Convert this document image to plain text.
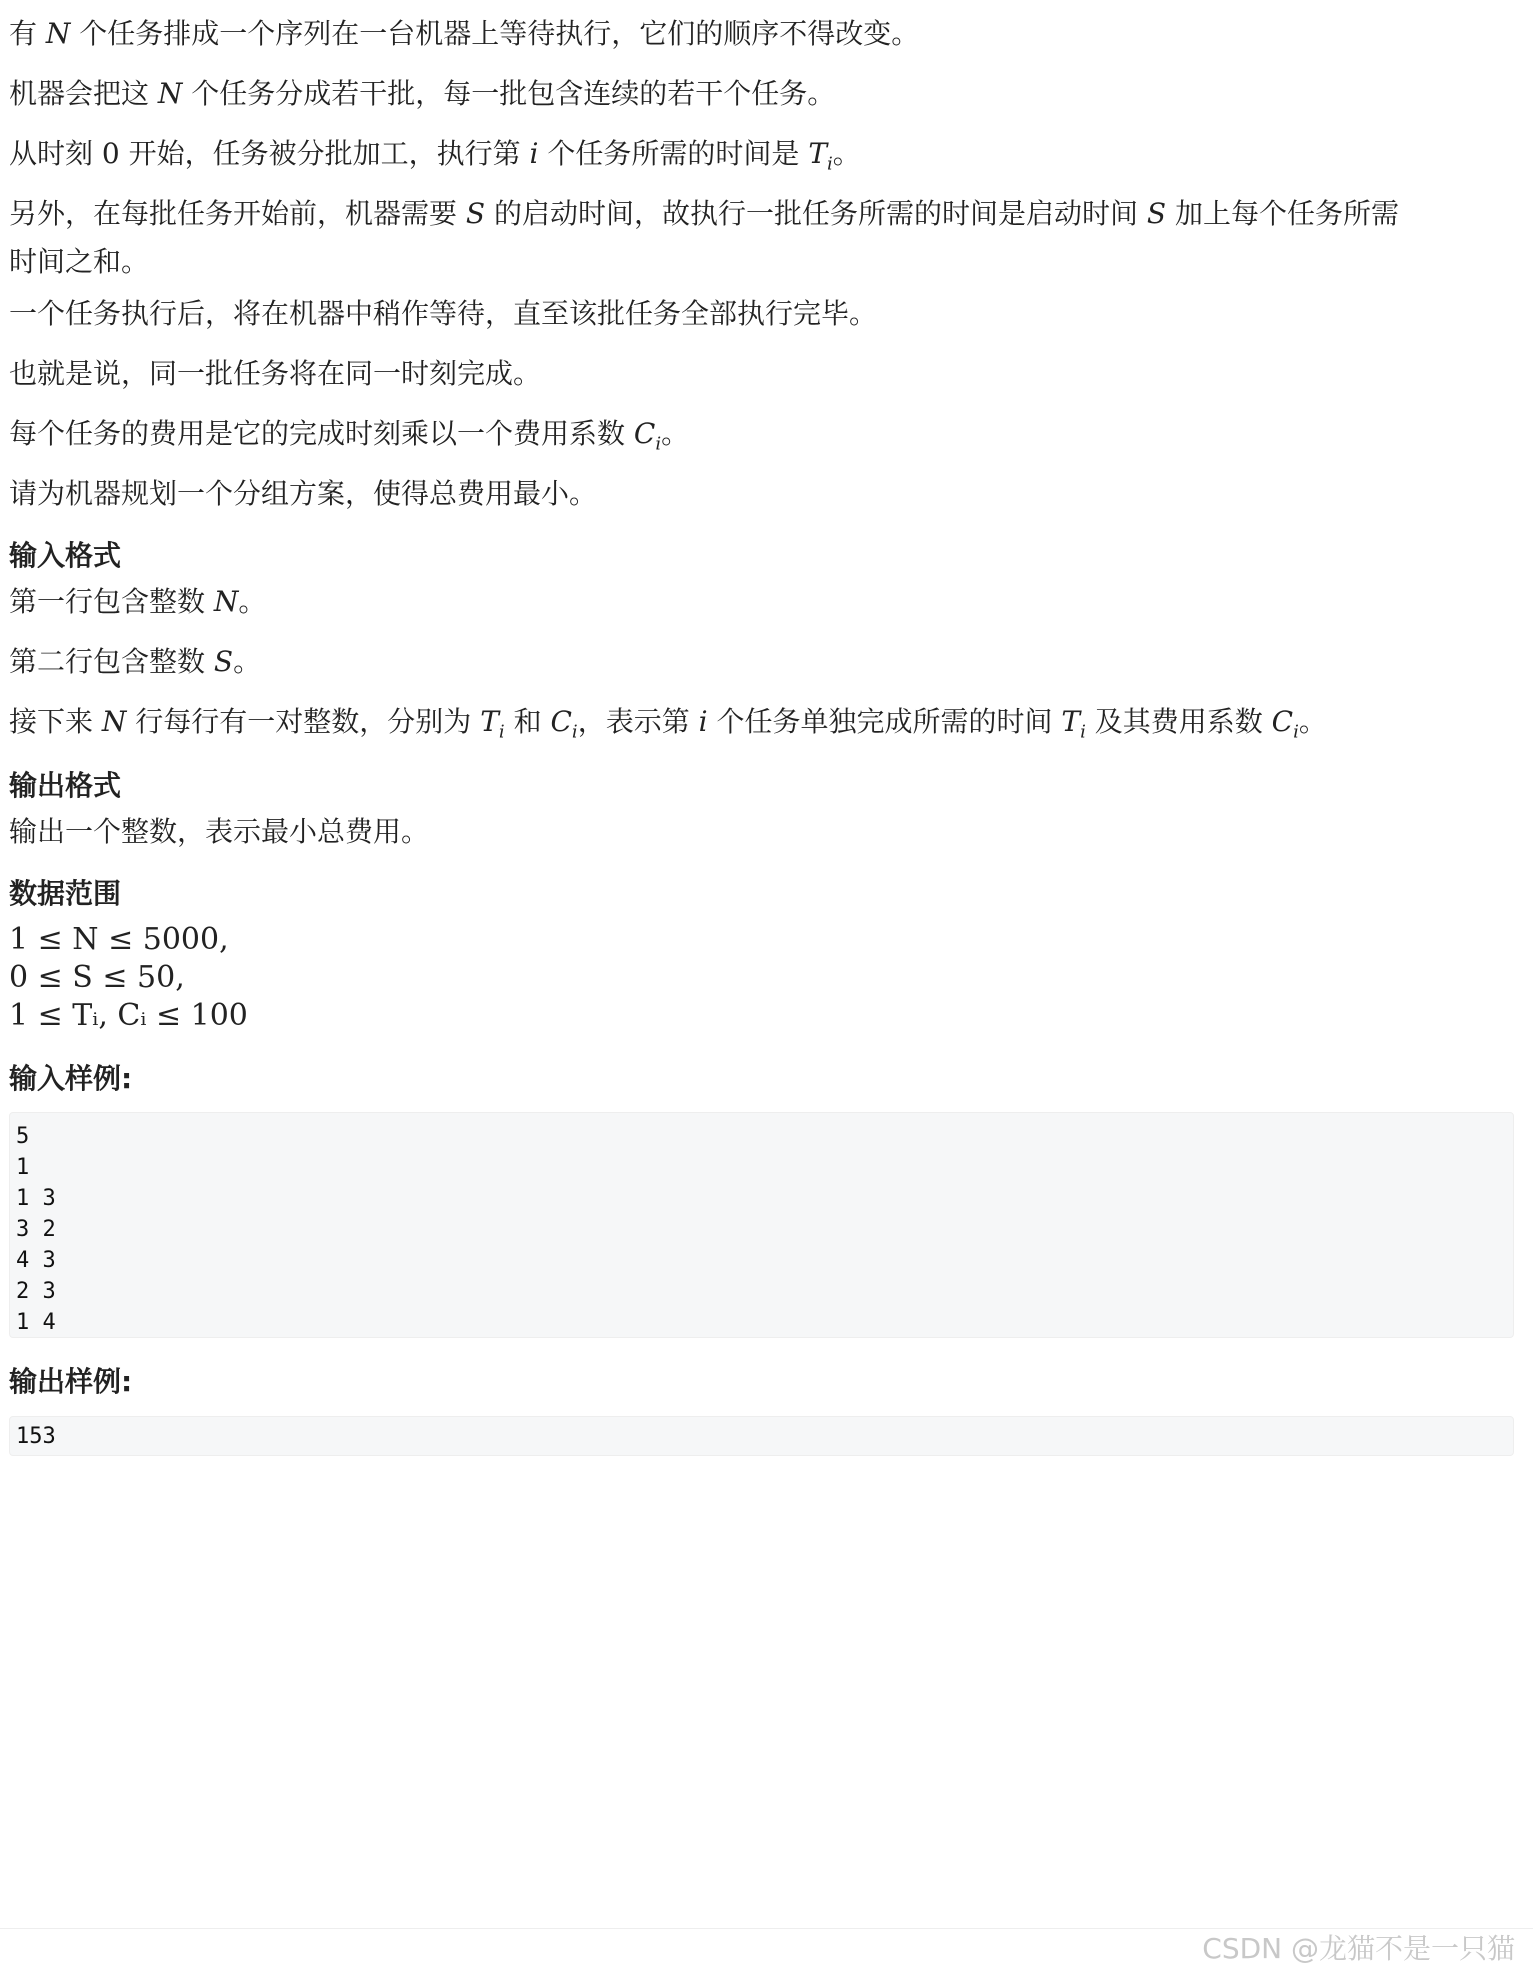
有 N 个任务排成一个序列在一台机器上等待执行，它们的顺序不得改变。

机器会把这 N 个任务分成若干批，每一批包含连续的若干个任务。

从时刻 0 开始，任务被分批加工，执行第 i 个任务所需的时间是 $T_i$。

另外，在每批任务开始前，机器需要 S 的启动时间，故执行一批任务所需的时间是启动时间 S 加上每个任务所需
时间之和。

一个任务执行后，将在机器中稍作等待，直至该批任务全部执行完毕。

也就是说，同一批任务将在同一时刻完成。

每个任务的费用是它的完成时刻乘以一个费用系数 $C_i$。

请为机器规划一个分组方案，使得总费用最小。

输入格式

第一行包含整数 N。

第二行包含整数 S。

接下来 N 行每行有一对整数，分别为 $T_i$ 和 $C_i$，表示第 i 个任务单独完成所需的时间 $T_i$ 及其费用系数 $C_i$。

输出格式

输出一个整数，表示最小总费用。

数据范围
1 ≤ N ≤ 5000,
0 ≤ S ≤ 50,
1 ≤ Tᵢ, Cᵢ ≤ 100
输入样例:
5
1
1 3
3 2
4 3
2 3
1 4
输出样例:
153
CSDN @龙猫不是一只猫
